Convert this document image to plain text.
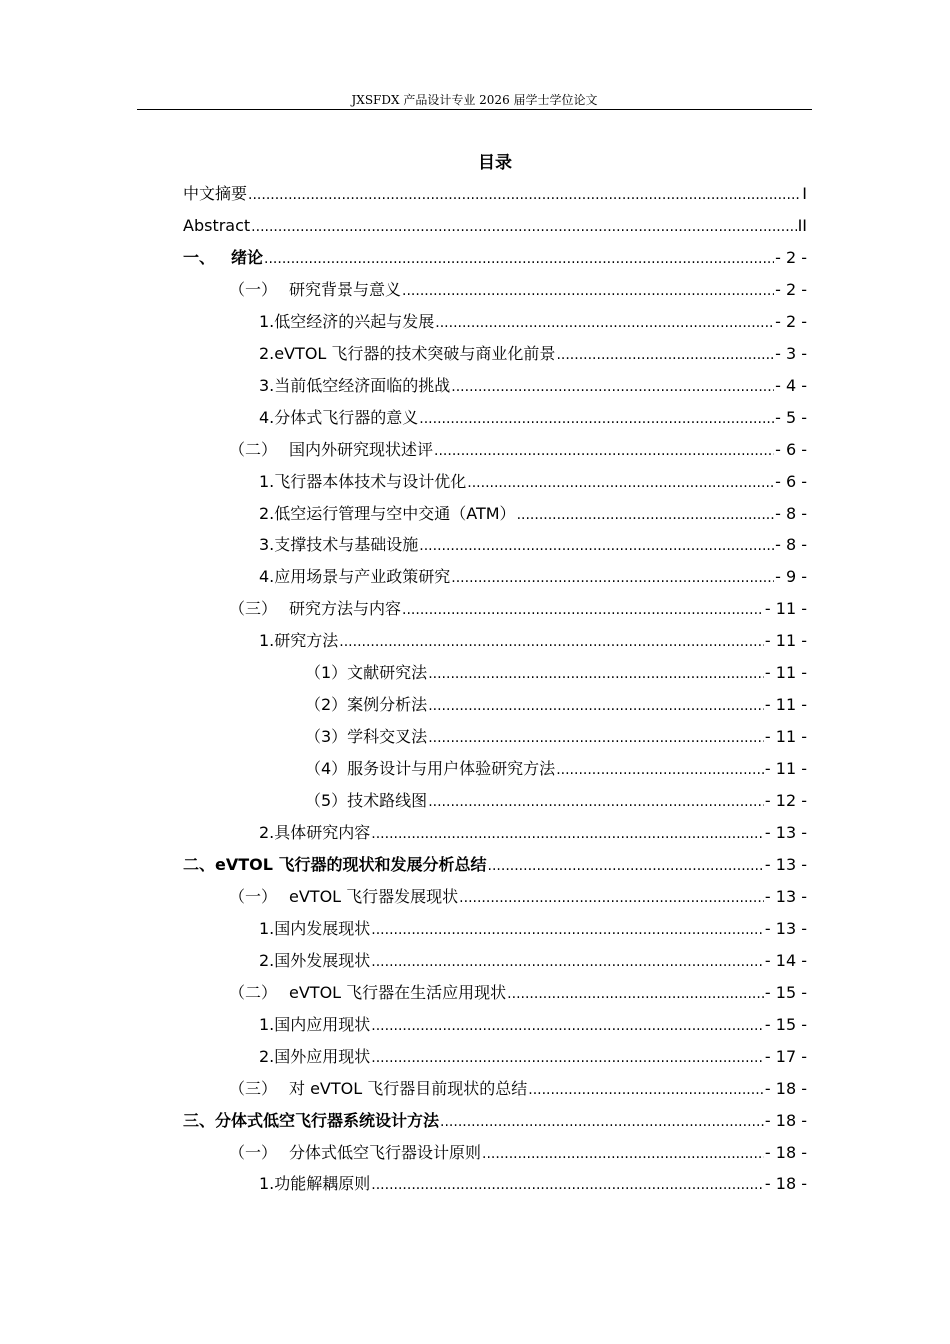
JXSFDX 产品设计专业 2026 届学士学位论文
目录
中文摘要 .....	I
Abstract .....	II
一、 绪论 .....	- 2 -
（一） 研究背景与意义 .....	- 2 -
1.低空经济的兴起与发展 .....	- 2 -
2.eVTOL 飞行器的技术突破与商业化前景 .....	- 3 -
3.当前低空经济面临的挑战 .....	- 4 -
4.分体式飞行器的意义 .....	- 5 -
（二） 国内外研究现状述评 .....	- 6 -
1.飞行器本体技术与设计优化 .....	- 6 -
2.低空运行管理与空中交通（ATM） .....	- 8 -
3.支撑技术与基础设施 .....	- 8 -
4.应用场景与产业政策研究 .....	- 9 -
（三） 研究方法与内容 .....	- 11 -
1.研究方法 .....	- 11 -
（1）文献研究法 .....	- 11 -
（2）案例分析法 .....	- 11 -
（3）学科交叉法 .....	- 11 -
（4）服务设计与用户体验研究方法 .....	- 11 -
（5）技术路线图 .....	- 12 -
2.具体研究内容 .....	- 13 -
二、eVTOL 飞行器的现状和发展分析总结 .....	- 13 -
（一） eVTOL 飞行器发展现状 .....	- 13 -
1.国内发展现状 .....	- 13 -
2.国外发展现状 .....	- 14 -
（二） eVTOL 飞行器在生活应用现状 .....	- 15 -
1.国内应用现状 .....	- 15 -
2.国外应用现状 .....	- 17 -
（三） 对 eVTOL 飞行器目前现状的总结 .....	- 18 -
三、分体式低空飞行器系统设计方法 .....	- 18 -
（一） 分体式低空飞行器设计原则 .....	- 18 -
1.功能解耦原则 .....	- 18 -
